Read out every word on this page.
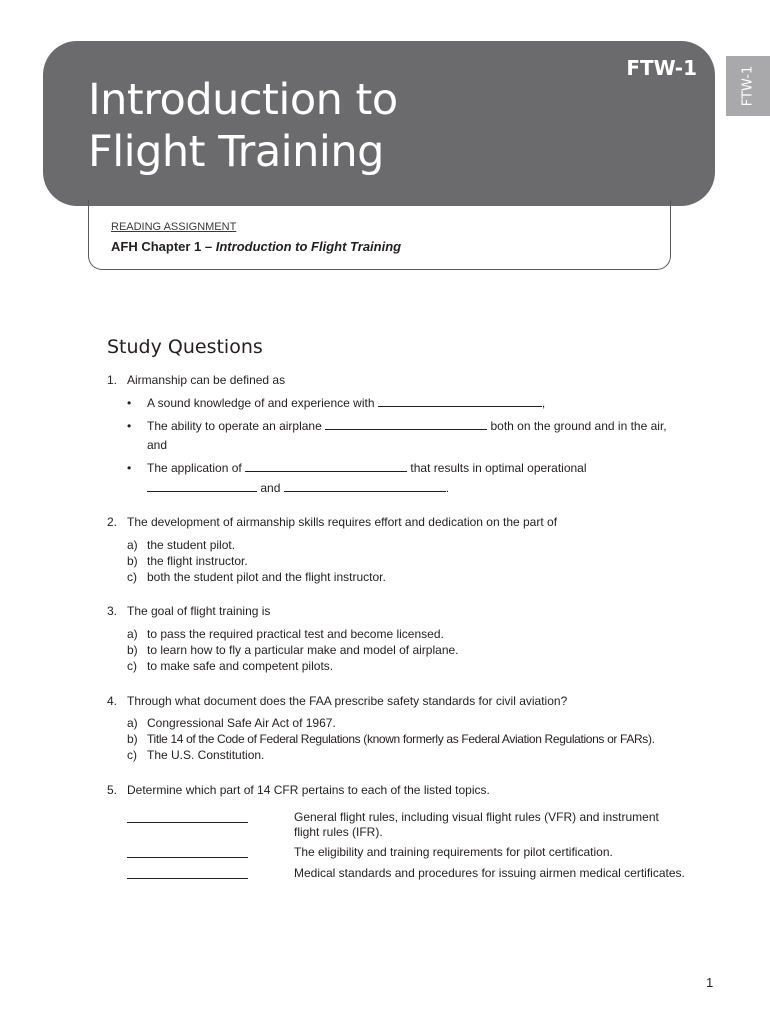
Introduction to
Flight Training
FTW-1	FTW-1
READING ASSIGNMENT
AFH Chapter 1 – Introduction to Flight Training
Study Questions
1. Airmanship can be defined as
• A sound knowledge of and experience with	,
• The ability to operate an airplane	both on the ground and in the air,
and
• The application of	that results in optimal operational
and	.
2. The development of airmanship skills requires effort and dedication on the part of
a) the student pilot.
b) the flight instructor.
c) both the student pilot and the flight instructor.
3. The goal of flight training is
a) to pass the required practical test and become licensed.
b) to learn how to fly a particular make and model of airplane.
c) to make safe and competent pilots.
4. Through what document does the FAA prescribe safety standards for civil aviation?
a) Congressional Safe Air Act of 1967.
b) Title 14 of the Code of Federal Regulations (known formerly as Federal Aviation Regulations or FARs).
c) The U.S. Constitution.
5. Determine which part of 14 CFR pertains to each of the listed topics.
General flight rules, including visual flight rules (VFR) and instrument
flight rules (IFR).
The eligibility and training requirements for pilot certification.
Medical standards and procedures for issuing airmen medical certificates.
1
